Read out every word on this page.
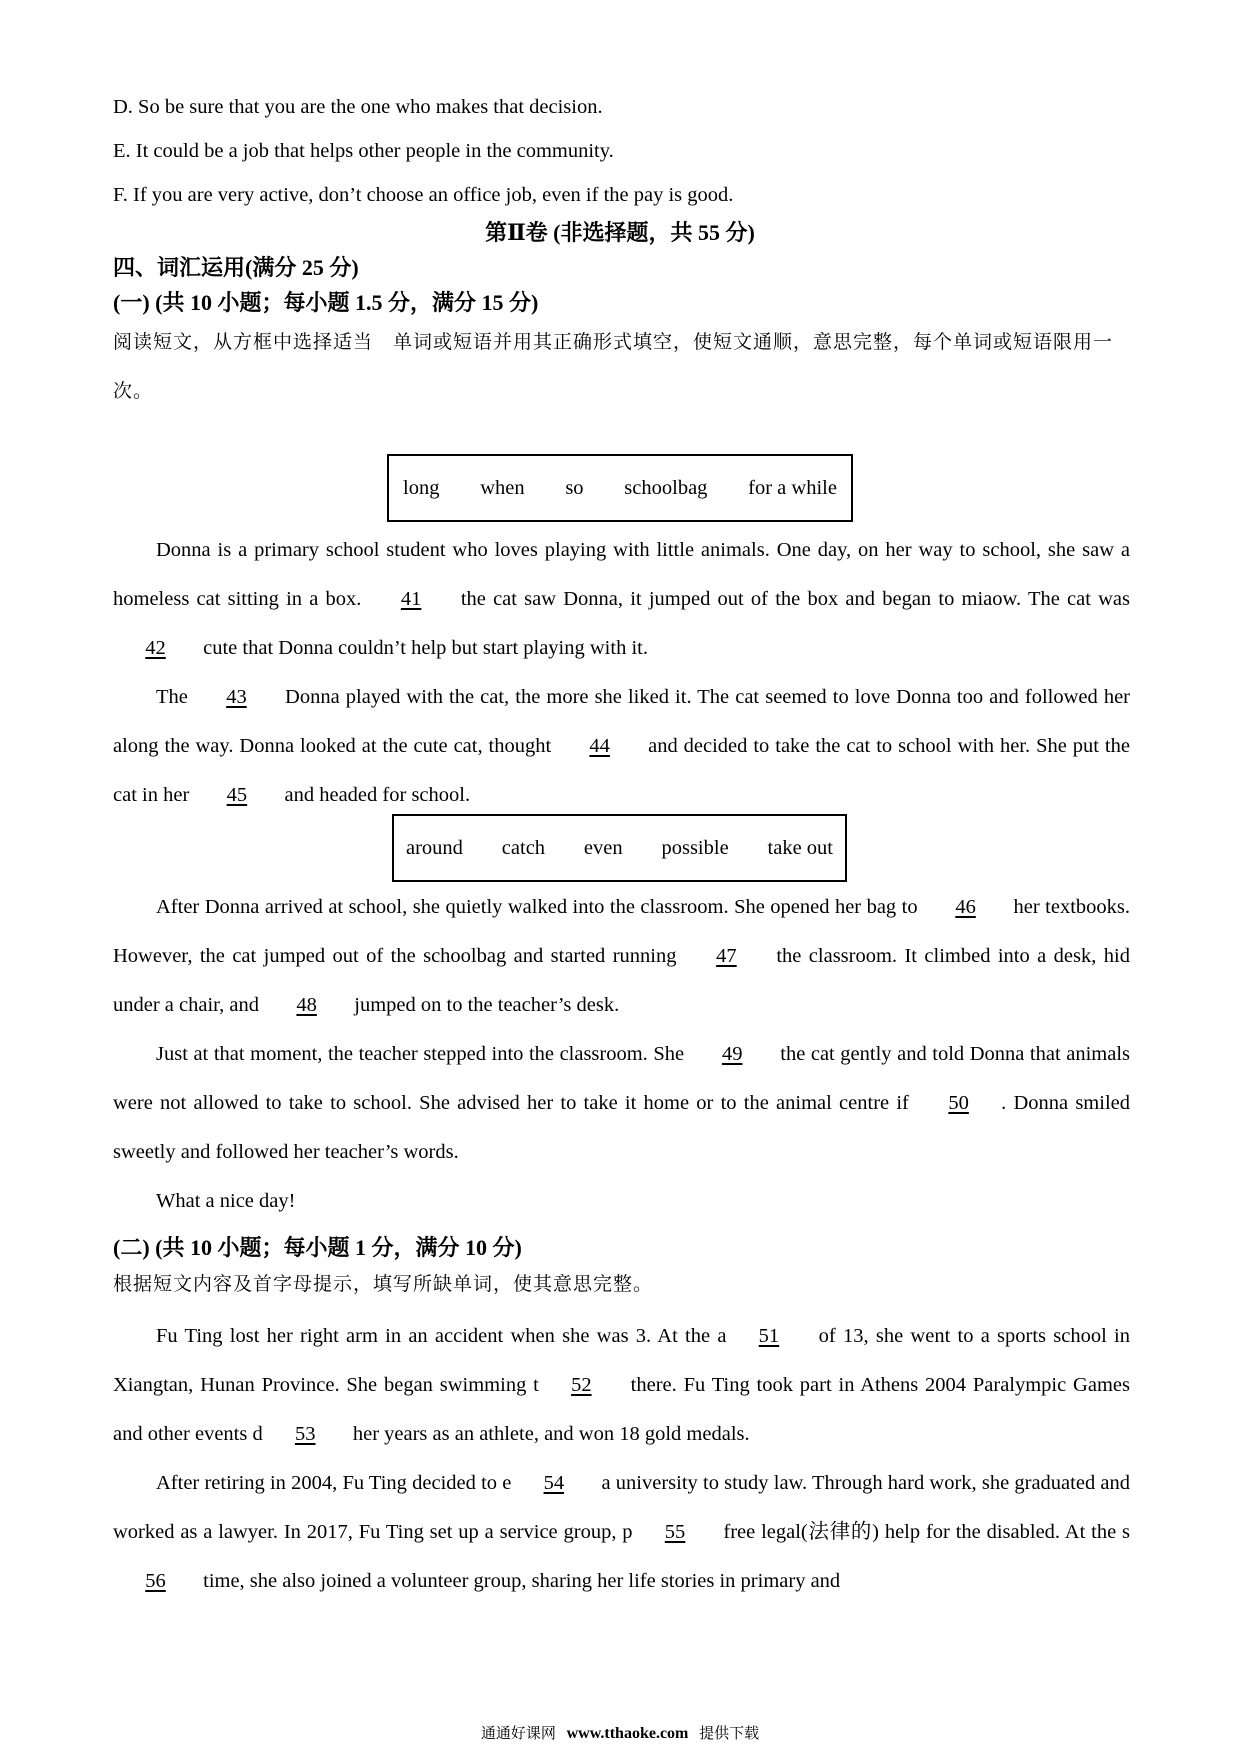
D. So be sure that you are the one who makes that decision.
E. It could be a job that helps other people in the community.
F. If you are very active, don’t choose an office job, even if the pay is good.
第Ⅱ卷 (非选择题，共 55 分)
四、词汇运用(满分 25 分)
(一) (共 10 小题；每小题 1.5 分，满分 15 分)
阅读短文，从方框中选择适当　单词或短语并用其正确形式填空，使短文通顺，意思完整，每个单词或短语限用一次。
long when so schoolbag for a while
Donna is a primary school student who loves playing with little animals. One day, on her way to school, she saw a homeless cat sitting in a box. 41 the cat saw Donna, it jumped out of the box and began to miaow. The cat was 42 cute that Donna couldn’t help but start playing with it.
The 43 Donna played with the cat, the more she liked it. The cat seemed to love Donna too and followed her along the way. Donna looked at the cute cat, thought 44 and decided to take the cat to school with her. She put the cat in her 45 and headed for school.
around catch even possible take out
After Donna arrived at school, she quietly walked into the classroom. She opened her bag to 46 her textbooks. However, the cat jumped out of the schoolbag and started running 47 the classroom. It climbed into a desk, hid under a chair, and 48 jumped on to the teacher’s desk.
Just at that moment, the teacher stepped into the classroom. She 49 the cat gently and told Donna that animals were not allowed to take to school. She advised her to take it home or to the animal centre if 50 . Donna smiled sweetly and followed her teacher’s words.
What a nice day!
(二) (共 10 小题；每小题 1 分，满分 10 分)
根据短文内容及首字母提示，填写所缺单词，使其意思完整。
Fu Ting lost her right arm in an accident when she was 3. At the a 51 of 13, she went to a sports school in Xiangtan, Hunan Province. She began swimming t 52 there. Fu Ting took part in Athens 2004 Paralympic Games and other events d 53 her years as an athlete, and won 18 gold medals.
After retiring in 2004, Fu Ting decided to e 54 a university to study law. Through hard work, she graduated and worked as a lawyer. In 2017, Fu Ting set up a service group, p 55 free legal(法律的) help for the disabled. At the s56 time, she also joined a volunteer group, sharing her life stories in primary and
通通好课网 www.tthaoke.com 提供下载
